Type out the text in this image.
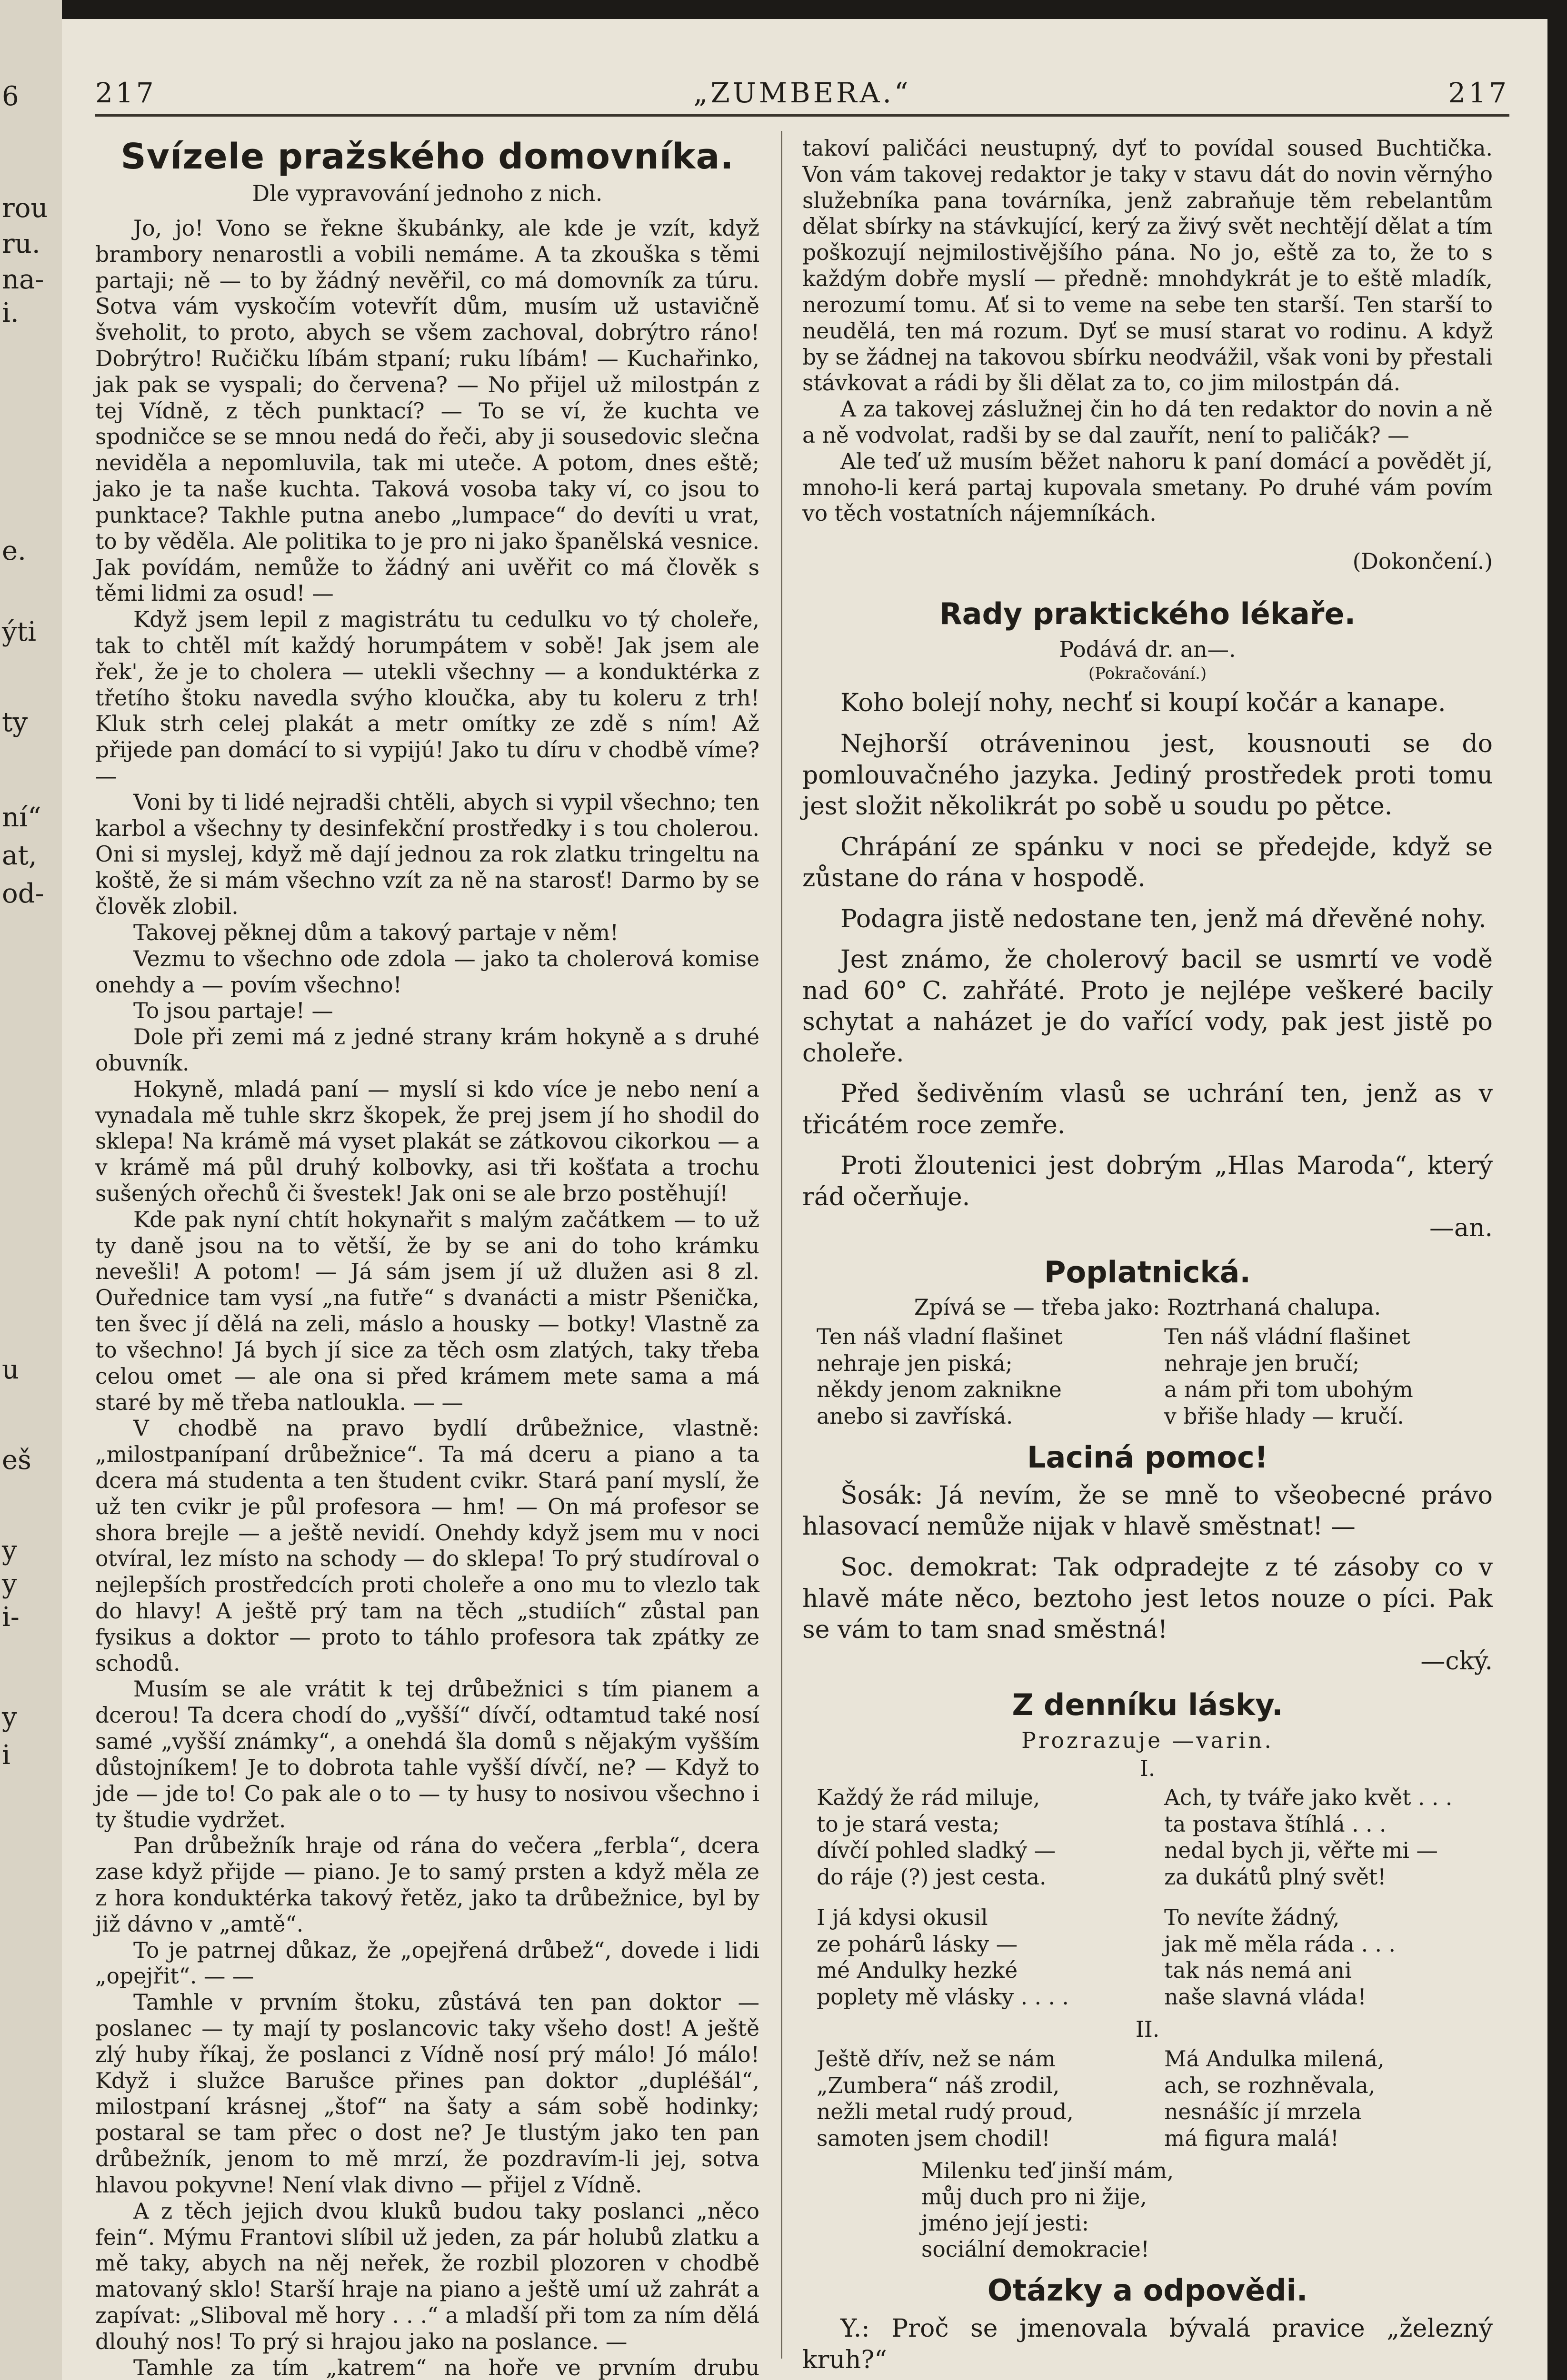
6
rou
ru.
na-
i.
e.
ýti
ty
ní“
at,
od-
u
eš
y
y
i-
y
i
217	„ZUMBERA.“	217
Svízele pražského domovníka.

Dle vypravování jednoho z nich.

Jo, jo! Vono se řekne škubánky, ale kde je vzít, když brambory nenarostli a vobili nemáme. A ta zkouška s těmi partaji; ně — to by žádný nevěřil, co má domovník za túru. Sotva vám vyskočím votevřít dům, musím už ustavičně šveholit, to proto, abych se všem zachoval, dobrýtro ráno! Dobrýtro! Ručičku líbám stpaní; ruku líbám! — Kuchařinko, jak pak se vyspali; do červena? — No přijel už milostpán z tej Vídně, z těch punktací? — To se ví, že kuchta ve spodničce se se mnou nedá do řeči, aby ji sousedovic slečna neviděla a nepomluvila, tak mi uteče. A potom, dnes eště; jako je ta naše kuchta. Taková vosoba taky ví, co jsou to punktace? Takhle putna anebo „lumpace“ do devíti u vrat, to by věděla. Ale politika to je pro ni jako španělská vesnice. Jak povídám, nemůže to žádný ani uvěřit co má člověk s těmi lidmi za osud! —

Když jsem lepil z magistrátu tu cedulku vo tý choleře, tak to chtěl mít každý horumpátem v sobě! Jak jsem ale řek', že je to cholera — utekli všechny — a konduktérka z třetího štoku navedla svýho kloučka, aby tu koleru z trh! Kluk strh celej plakát a metr omítky ze zdě s ním! Až přijede pan domácí to si vypijú! Jako tu díru v chodbě víme? —

Voni by ti lidé nejradši chtěli, abych si vypil všechno; ten karbol a všechny ty desinfekční prostředky i s tou cholerou. Oni si myslej, když mě dají jednou za rok zlatku tringeltu na koště, že si mám všechno vzít za ně na starosť! Darmo by se člověk zlobil.

Takovej pěknej dům a takový partaje v něm!

Vezmu to všechno ode zdola — jako ta cholerová komise onehdy a — povím všechno!

To jsou partaje! —

Dole při zemi má z jedné strany krám hokyně a s druhé obuvník.

Hokyně, mladá paní — myslí si kdo více je nebo není a vynadala mě tuhle skrz škopek, že prej jsem jí ho shodil do sklepa! Na krámě má vyset plakát se zátkovou cikorkou — a v krámě má půl druhý kolbovky, asi tři košťata a trochu sušených ořechů či švestek! Jak oni se ale brzo postěhují!

Kde pak nyní chtít hokynařit s malým začátkem — to už ty daně jsou na to větší, že by se ani do toho krámku nevešli! A potom! — Já sám jsem jí už dlužen asi 8 zl. Ouřednice tam vysí „na futře“ s dvanácti a mistr Pšenička, ten švec jí dělá na zeli, máslo a housky — botky! Vlastně za to všechno! Já bych jí sice za těch osm zlatých, taky třeba celou omet — ale ona si před krámem mete sama a má staré by mě třeba natloukla. — —

V chodbě na pravo bydlí drůbežnice, vlastně: „milostpanípaní drůbežnice“. Ta má dceru a piano a ta dcera má studenta a ten študent cvikr. Stará paní myslí, že už ten cvikr je půl profesora — hm! — On má profesor se shora brejle — a ještě nevidí. Onehdy když jsem mu v noci otvíral, lez místo na schody — do sklepa! To prý studíroval o nejlepších prostředcích proti choleře a ono mu to vlezlo tak do hlavy! A ještě prý tam na těch „studiích“ zůstal pan fysikus a doktor — proto to táhlo profesora tak zpátky ze schodů.

Musím se ale vrátit k tej drůbežnici s tím pianem a dcerou! Ta dcera chodí do „vyšší“ dívčí, odtamtud také nosí samé „vyšší známky“, a onehdá šla domů s nějakým vyšším důstojníkem! Je to dobrota tahle vyšší dívčí, ne? — Když to jde — jde to! Co pak ale o to — ty husy to nosivou všechno i ty študie vydržet.

Pan drůbežník hraje od rána do večera „ferbla“, dcera zase když přijde — piano. Je to samý prsten a když měla ze z hora konduktérka takový řetěz, jako ta drůbežnice, byl by již dávno v „amtě“.

To je patrnej důkaz, že „opejřená drůbež“, dovede i lidi „opejřit“. — —

Tamhle v prvním štoku, zůstává ten pan doktor — poslanec — ty mají ty poslancovic taky všeho dost! A ještě zlý huby říkaj, že poslanci z Vídně nosí prý málo! Jó málo! Když i služce Barušce přines pan doktor „dupléšál“, milostpaní krásnej „štof“ na šaty a sám sobě hodinky; postaral se tam přec o dost ne? Je tlustým jako ten pan drůbežník, jenom to mě mrzí, že pozdravím-li jej, sotva hlavou pokyvne! Není vlak divno — přijel z Vídně.

A z těch jejich dvou kluků budou taky poslanci „něco fein“. Mýmu Frantovi slíbil už jeden, za pár holubů zlatku a mě taky, abych na něj neřek, že rozbil plozoren v chodbě matovaný sklo! Starší hraje na piano a ještě umí už zahrát a zapívat: „Sliboval mě hory . . .“ a mladší při tom za ním dělá dlouhý nos! To prý si hrajou jako na poslance. —

Tamhle za tím „katrem“ na hoře ve prvním drubu

takoví paličáci neustupný, dyť to povídal soused Buchtička. Von vám takovej redaktor je taky v stavu dát do novin věrnýho služebníka pana továrníka, jenž zabraňuje těm rebelantům dělat sbírky na stávkující, kerý za živý svět nechtějí dělat a tím poškozují nejmilostivějšího pána. No jo, eště za to, že to s každým dobře myslí — předně: mnohdykrát je to eště mladík, nerozumí tomu. Ať si to veme na sebe ten starší. Ten starší to neudělá, ten má rozum. Dyť se musí starat vo rodinu. A když by se žádnej na takovou sbírku neodvážil, však voni by přestali stávkovat a rádi by šli dělat za to, co jim milostpán dá.

A za takovej záslužnej čin ho dá ten redaktor do novin a ně a ně vodvolat, radši by se dal zauřít, není to paličák? —

Ale teď už musím běžet nahoru k paní domácí a povědět jí, mnoho-li kerá partaj kupovala smetany. Po druhé vám povím vo těch vostatních nájemníkách.

(Dokončení.)

Rady praktického lékaře.

Podává dr. an—.

(Pokračování.)

Koho bolejí nohy, nechť si koupí kočár a kanape.

Nejhorší otráveninou jest, kousnouti se do pomlouvačného jazyka. Jediný prostředek proti tomu jest složit několikrát po sobě u soudu po pětce.

Chrápání ze spánku v noci se předejde, když se zůstane do rána v hospodě.

Podagra jistě nedostane ten, jenž má dřevěné nohy.

Jest známo, že cholerový bacil se usmrtí ve vodě nad 60° C. zahřáté. Proto je nejlépe veškeré bacily schytat a naházet je do vařící vody, pak jest jistě po choleře.

Před šedivěním vlasů se uchrání ten, jenž as v třicátém roce zemře.

Proti žloutenici jest dobrým „Hlas Maroda“, který rád očerňuje.

—an.

Poplatnická.

Zpívá se — třeba jako: Roztrhaná chalupa.

Ten náš vladní flašinet
nehraje jen piská;
někdy jenom zaknikne
anebo si zavříská.
Ten náš vládní flašinet
nehraje jen bručí;
a nám při tom ubohým
v břiše hlady — kručí.
Laciná pomoc!

Šosák: Já nevím, že se mně to všeobecné právo hlasovací nemůže nijak v hlavě směstnat! —

Soc. demokrat: Tak odpradejte z té zásoby co v hlavě máte něco, beztoho jest letos nouze o píci. Pak se vám to tam snad směstná!

—cký.

Z denníku lásky.

Prozrazuje —varin.

I.

Každý že rád miluje,
to je stará vesta;
dívčí pohled sladký —
do ráje (?) jest cesta.
Ach, ty tváře jako květ . . .
ta postava štíhlá . . .
nedal bych ji, věřte mi —
za dukátů plný svět!
I já kdysi okusil
ze pohárů lásky —
mé Andulky hezké
poplety mě vlásky . . . .
To nevíte žádný,
jak mě měla ráda . . .
tak nás nemá ani
naše slavná vláda!

II.

Ještě dřív, než se nám
„Zumbera“ náš zrodil,
nežli metal rudý proud,
samoten jsem chodil!
Má Andulka milená,
ach, se rozhněvala,
nesnášíc jí mrzela
má figura malá!
Milenku teď jinší mám,
můj duch pro ni žije,
jméno její jesti:
sociální demokracie!
Otázky a odpovědi.

Y.: Proč se jmenovala bývalá pravice „železný kruh?“
